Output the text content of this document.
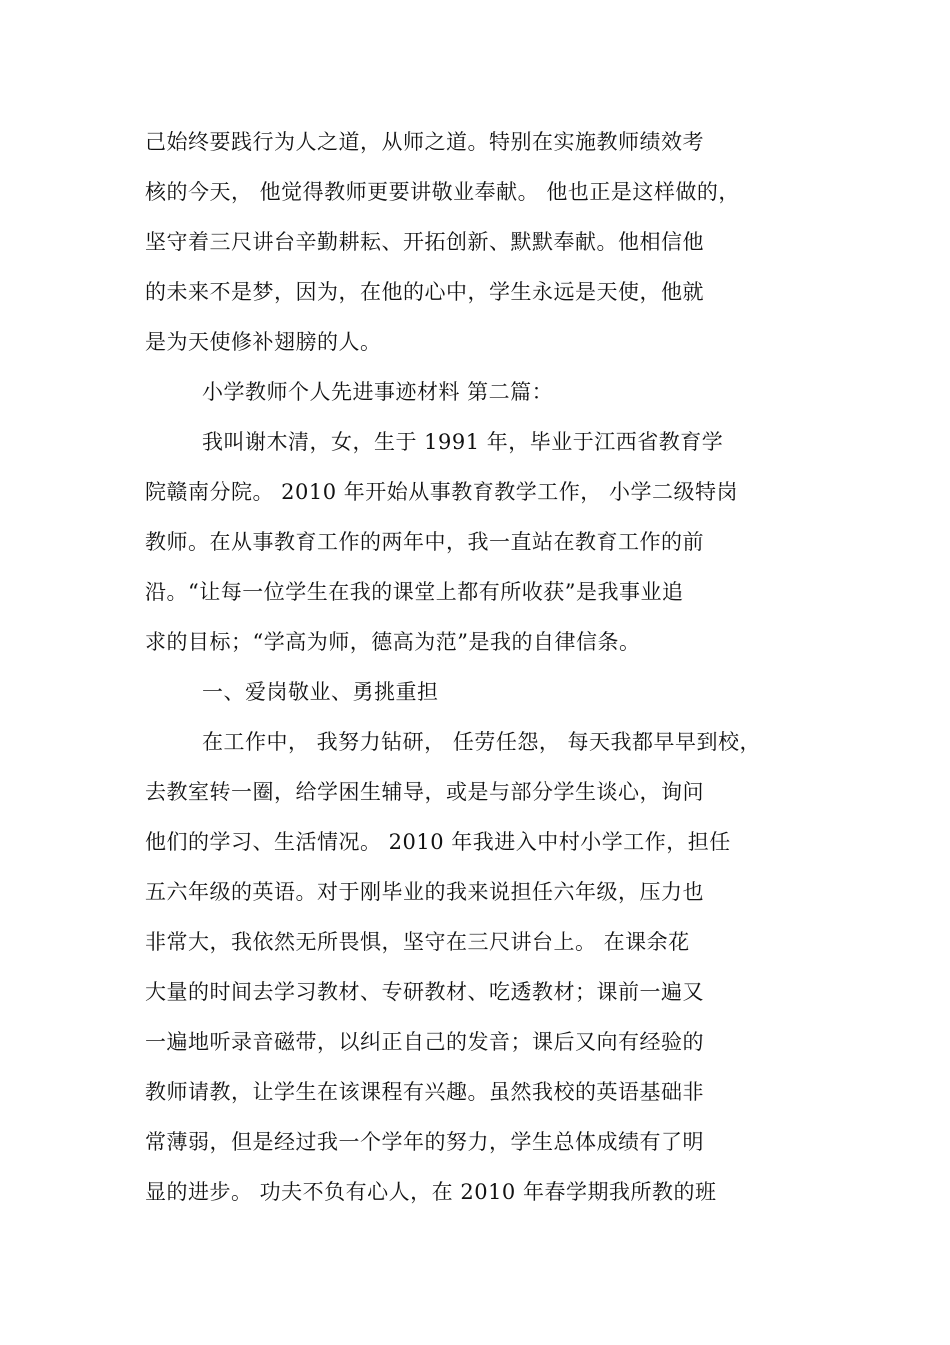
己始终要践行为人之道，从师之道。特别在实施教师绩效考
核的今天， 他觉得教师更要讲敬业奉献。 他也正是这样做的，
坚守着三尺讲台辛勤耕耘、开拓创新、默默奉献。他相信他
的未来不是梦，因为，在他的心中，学生永远是天使，他就
是为天使修补翅膀的人。
小学教师个人先进事迹材料 第二篇：
我叫谢木清，女，生于 1991 年，毕业于江西省教育学
院赣南分院。 2010 年开始从事教育教学工作， 小学二级特岗
教师。在从事教育工作的两年中，我一直站在教育工作的前
沿。“让每一位学生在我的课堂上都有所收获”是我事业追
求的目标；“学高为师，德高为范”是我的自律信条。
一、爱岗敬业、勇挑重担
在工作中， 我努力钻研， 任劳任怨， 每天我都早早到校，
去教室转一圈，给学困生辅导，或是与部分学生谈心，询问
他们的学习、生活情况。 2010 年我进入中村小学工作，担任
五六年级的英语。对于刚毕业的我来说担任六年级，压力也
非常大，我依然无所畏惧，坚守在三尺讲台上。 在课余花
大量的时间去学习教材、专研教材、吃透教材；课前一遍又
一遍地听录音磁带，以纠正自己的发音；课后又向有经验的
教师请教，让学生在该课程有兴趣。虽然我校的英语基础非
常薄弱，但是经过我一个学年的努力，学生总体成绩有了明
显的进步。 功夫不负有心人，在 2010 年春学期我所教的班
